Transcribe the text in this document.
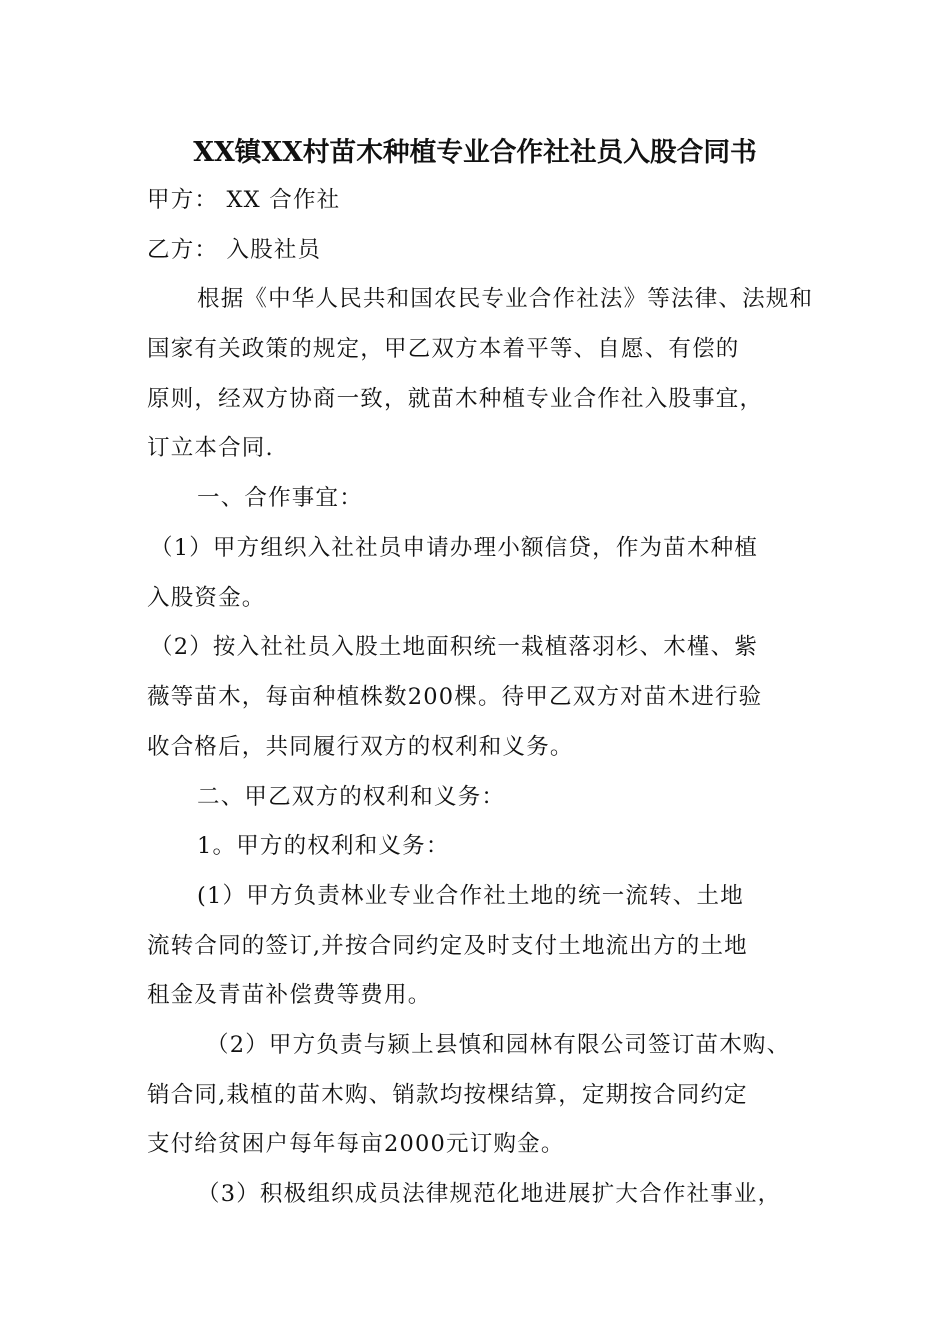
XX镇XX村苗木种植专业合作社社员入股合同书
甲方： XX 合作社
乙方： 入股社员
根据《中华人民共和国农民专业合作社法》等法律、法规和
国家有关政策的规定，甲乙双方本着平等、自愿、有偿的
原则，经双方协商一致，就苗木种植专业合作社入股事宜，
订立本合同.
一、合作事宜：
（1）甲方组织入社社员申请办理小额信贷，作为苗木种植
入股资金。
（2）按入社社员入股土地面积统一栽植落羽杉、木槿、紫
薇等苗木，每亩种植株数200棵。待甲乙双方对苗木进行验
收合格后，共同履行双方的权利和义务。
二、甲乙双方的权利和义务：
1。甲方的权利和义务：
(1）甲方负责林业专业合作社土地的统一流转、土地
流转合同的签订,并按合同约定及时支付土地流出方的土地
租金及青苗补偿费等费用。
（2）甲方负责与颍上县慎和园林有限公司签订苗木购、
销合同,栽植的苗木购、销款均按棵结算，定期按合同约定
支付给贫困户每年每亩2000元订购金。
（3）积极组织成员法律规范化地进展扩大合作社事业，
